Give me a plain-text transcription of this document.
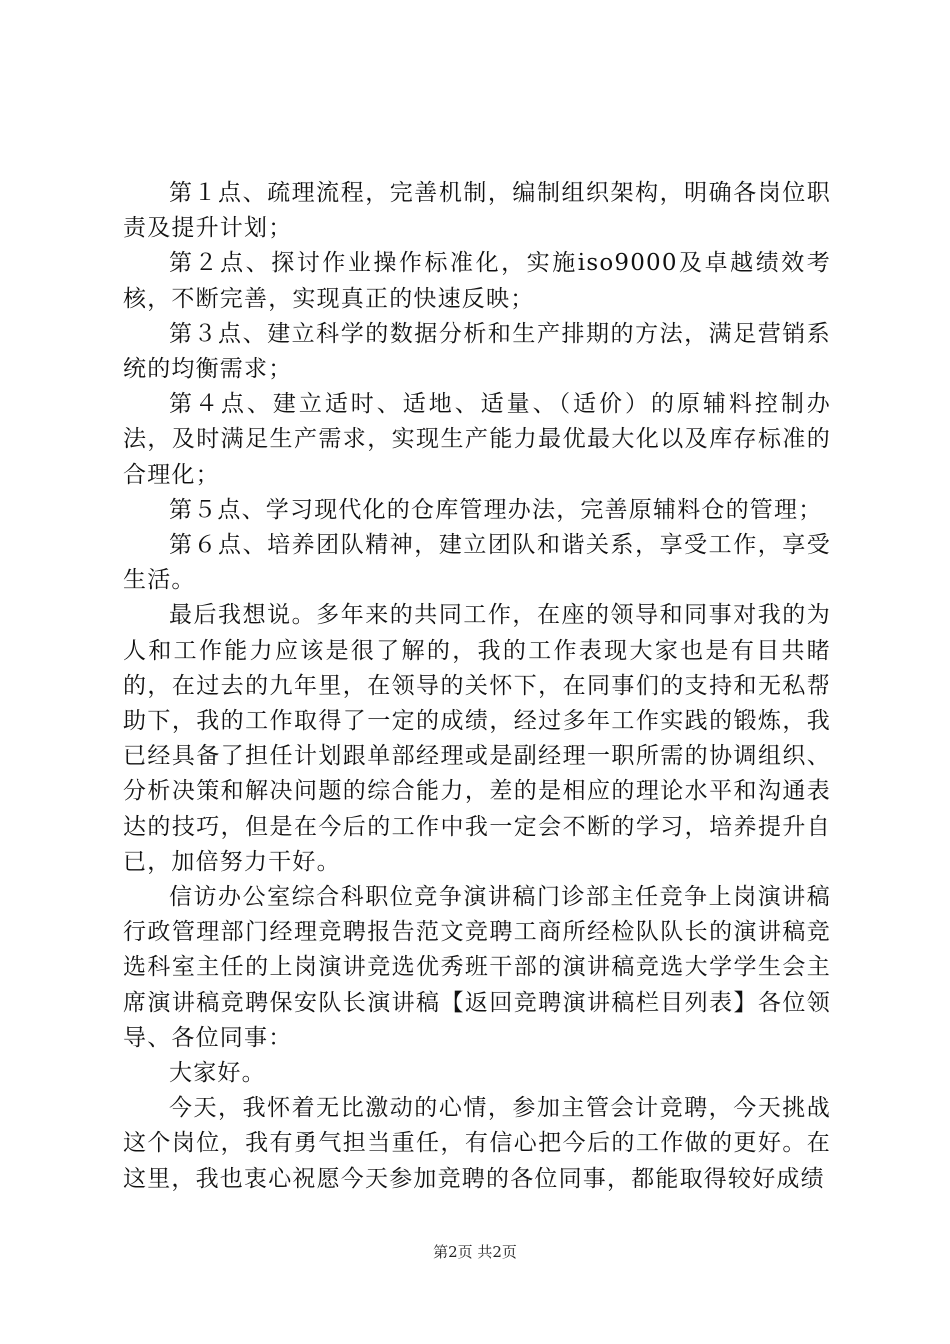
第１点、疏理流程，完善机制，编制组织架构，明确各岗位职责及提升计划；

第２点、探讨作业操作标准化，实施iso9000及卓越绩效考核，不断完善，实现真正的快速反映；

第３点、建立科学的数据分析和生产排期的方法，满足营销系统的均衡需求；

第４点、建立适时、适地、适量、（适价）的原辅料控制办法，及时满足生产需求，实现生产能力最优最大化以及库存标准的合理化；

第５点、学习现代化的仓库管理办法，完善原辅料仓的管理；

第６点、培养团队精神，建立团队和谐关系，享受工作，享受生活。

最后我想说。多年来的共同工作，在座的领导和同事对我的为人和工作能力应该是很了解的，我的工作表现大家也是有目共睹的，在过去的九年里，在领导的关怀下，在同事们的支持和无私帮助下，我的工作取得了一定的成绩，经过多年工作实践的锻炼，我已经具备了担任计划跟单部经理或是副经理一职所需的协调组织、分析决策和解决问题的综合能力，差的是相应的理论水平和沟通表达的技巧，但是在今后的工作中我一定会不断的学习，培养提升自已，加倍努力干好。

信访办公室综合科职位竞争演讲稿门诊部主任竞争上岗演讲稿行政管理部门经理竞聘报告范文竞聘工商所经检队队长的演讲稿竞选科室主任的上岗演讲竞选优秀班干部的演讲稿竞选大学学生会主席演讲稿竞聘保安队长演讲稿【返回竞聘演讲稿栏目列表】各位领导、各位同事：

大家好。

今天，我怀着无比激动的心情，参加主管会计竞聘，今天挑战这个岗位，我有勇气担当重任，有信心把今后的工作做的更好。在这里，我也衷心祝愿今天参加竞聘的各位同事，都能取得较好成绩

第2页 共2页
